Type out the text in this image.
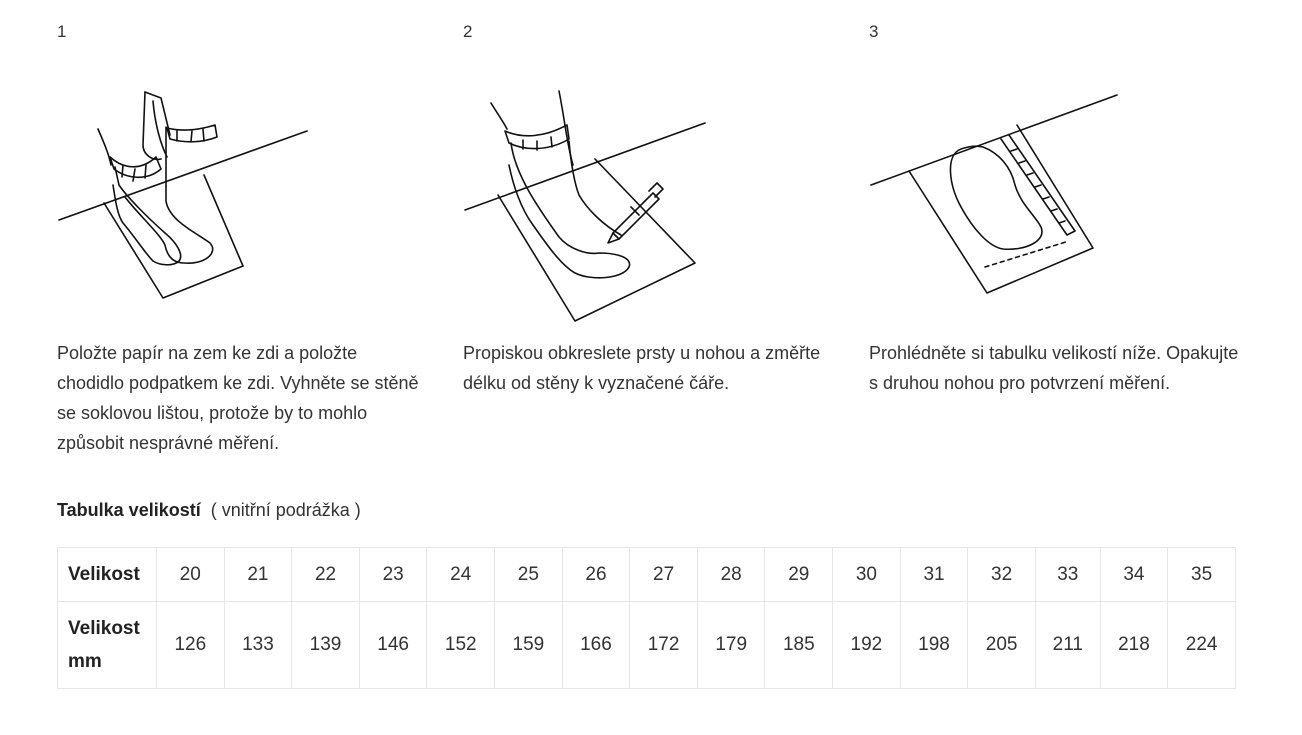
1
Položte papír na zem ke zdi a položte chodidlo podpatkem ke zdi. Vyhněte se stěně se soklovou lištou, protože by to mohlo způsobit nesprávné měření.
2
Propiskou obkreslete prsty u nohou a změřte délku od stěny k vyznačené čáře.
3
Prohlédněte si tabulku velikostí níže. Opakujte s druhou nohou pro potvrzení měření.
Tabulka velikostí ( vnitřní podrážka )
Velikost	20	21	22	23	24	25	26	27	28	29	30	31	32	33	34	35
Velikost
mm	126	133	139	146	152	159	166	172	179	185	192	198	205	211	218	224
